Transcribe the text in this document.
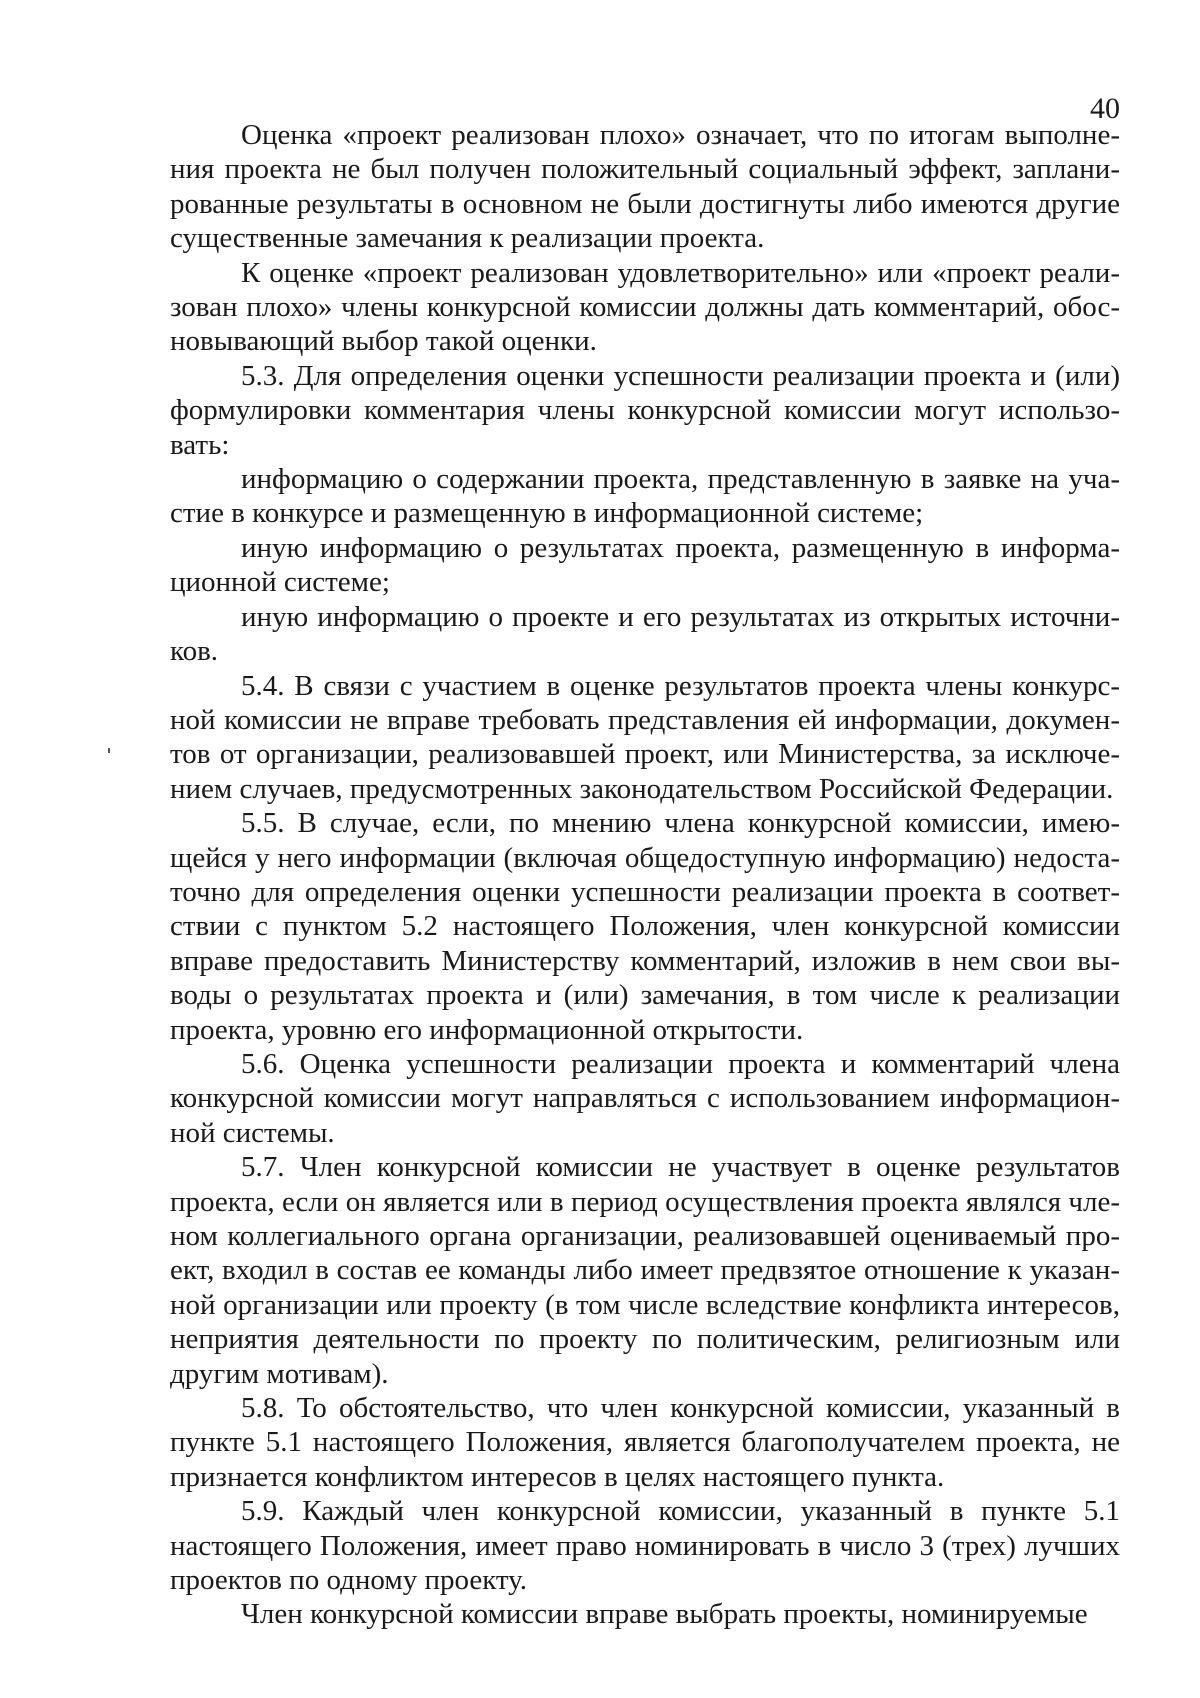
40

Оценка «проект реализован плохо» означает, что по итогам выполнения проекта не был получен положительный социальный эффект, запланированные результаты в основном не были достигнуты либо имеются другие существенные замечания к реализации проекта.

К оценке «проект реализован удовлетворительно» или «проект реализован плохо» члены конкурсной комиссии должны дать комментарий, обосновывающий выбор такой оценки.

5.3. Для определения оценки успешности реализации проекта и (или) формулировки комментария члены конкурсной комиссии могут использовать:

информацию о содержании проекта, представленную в заявке на участие в конкурсе и размещенную в информационной системе;

иную информацию о результатах проекта, размещенную в информационной системе;

иную информацию о проекте и его результатах из открытых источников.

5.4. В связи с участием в оценке результатов проекта члены конкурсной комиссии не вправе требовать представления ей информации, документов от организации, реализовавшей проект, или Министерства, за исключением случаев, предусмотренных законодательством Российской Федерации.

5.5. В случае, если, по мнению члена конкурсной комиссии, имеющейся у него информации (включая общедоступную информацию) недостаточно для определения оценки успешности реализации проекта в соответствии с пунктом 5.2 настоящего Положения, член конкурсной комиссии вправе предоставить Министерству комментарий, изложив в нем свои выводы о результатах проекта и (или) замечания, в том числе к реализации проекта, уровню его информационной открытости.

5.6. Оценка успешности реализации проекта и комментарий члена конкурсной комиссии могут направляться с использованием информационной системы.

5.7. Член конкурсной комиссии не участвует в оценке результатов проекта, если он является или в период осуществления проекта являлся членом коллегиального органа организации, реализовавшей оцениваемый проект, входил в состав ее команды либо имеет предвзятое отношение к указанной организации или проекту (в том числе вследствие конфликта интересов, неприятия деятельности по проекту по политическим, религиозным или другим мотивам).

5.8. То обстоятельство, что член конкурсной комиссии, указанный в пункте 5.1 настоящего Положения, является благополучателем проекта, не признается конфликтом интересов в целях настоящего пункта.

5.9. Каждый член конкурсной комиссии, указанный в пункте 5.1 настоящего Положения, имеет право номинировать в число 3 (трех) лучших проектов по одному проекту.

Член конкурсной комиссии вправе выбрать проекты, номинируемые
